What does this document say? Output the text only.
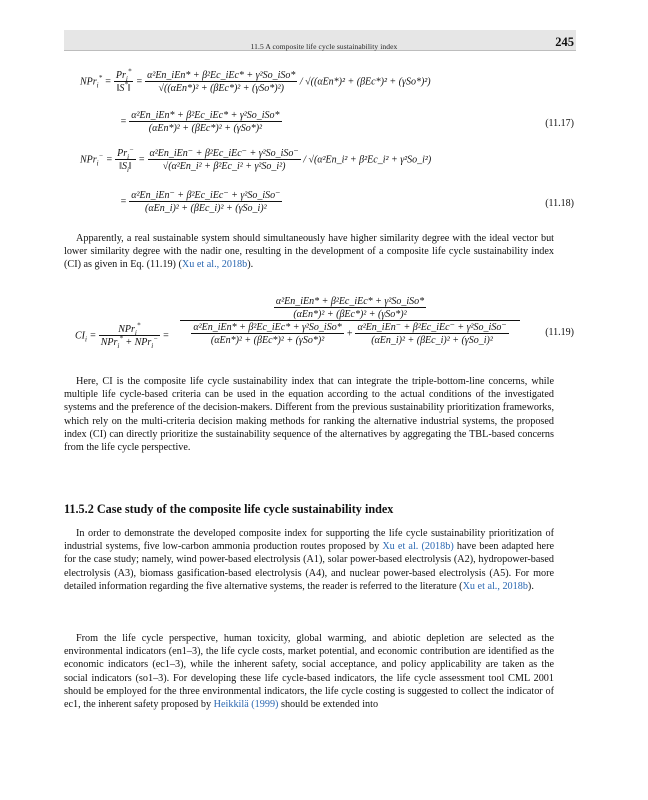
11.5 A composite life cycle sustainability index	245
$NPr_i^* = \frac{Pr_i^*}{‖S^*‖} = \frac{\text{α²En\_iEn* + β²Ec\_iEc* + γ²So\_iSo*}}{\text{√((αEn*)² + (βEc*)² + (γSo*)²)}} / √((\alpha En*)^2 + (\beta Ec*)^2 + (\gamma So*)^2)$
= $\frac{\text{α²En\_iEn* + β²Ec\_iEc* + γ²So\_iSo*}}{\text{(αEn*)² + (βEc*)² + (γSo*)²}}$	(11.17)
$NPr_i^- = \frac{Pr_i^-}{‖S_i‖} = \frac{\text{α²En\_iEn⁻ + β²Ec\_iEc⁻ + γ²So\_iSo⁻}}{\text{√(α²En\_i² + β²Ec\_i² + γ²So\_i²)}}$ / √(α²En_i² + β²Ec_i² + γ²So_i²)
= $\frac{\text{α²En\_iEn⁻ + β²Ec\_iEc⁻ + γ²So\_iSo⁻}}{\text{(αEn\_i)² + (βEc\_i)² + (γSo\_i)²}}$	(11.18)

Apparently, a real sustainable system should simultaneously have higher similarity degree with the ideal vector but lower similarity degree with the nadir one, resulting in the development of a composite life cycle sustainability index (CI) as given in Eq. (11.19) (Xu et al., 2018b).

$CI_i = \frac{NPr_i^*}{NPr_i^* + NPr_i^-}$ =
$\frac{\text{α²En\_iEn* + β²Ec\_iEc* + γ²So\_iSo*}}{\text{(αEn*)² + (βEc*)² + (γSo*)²}}$
$\frac{\text{α²En\_iEn* + β²Ec\_iEc* + γ²So\_iSo*}}{\text{(αEn*)² + (βEc*)² + (γSo*)²}} + \frac{\text{α²En\_iEn⁻ + β²Ec\_iEc⁻ + γ²So\_iSo⁻}}{\text{(αEn\_i)² + (βEc\_i)² + (γSo\_i)²}}$	(11.19)

Here, CI is the composite life cycle sustainability index that can integrate the triple-bottom-line concerns, while multiple life cycle-based criteria can be used in the equation according to the actual conditions of the investigated systems and the preference of the decision-makers. Different from the previous sustainability prioritization frameworks, which rely on the multi-criteria decision making methods for ranking the alternative industrial systems, the proposed index (CI) can directly prioritize the sustainability sequence of the alternatives by aggregating the TBL-based concerns from the life cycle perspective.

11.5.2 Case study of the composite life cycle sustainability index

In order to demonstrate the developed composite index for supporting the life cycle sustainability prioritization of industrial systems, five low-carbon ammonia production routes proposed by Xu et al. (2018b) have been adapted here for the case study; namely, wind power-based electrolysis (A1), solar power-based electrolysis (A2), hydropower-based electrolysis (A3), biomass gasification-based electrolysis (A4), and nuclear power-based electrolysis (A5). For more detailed information regarding the five alternative systems, the reader is referred to the literature (Xu et al., 2018b).

From the life cycle perspective, human toxicity, global warming, and abiotic depletion are selected as the environmental indicators (en1–3), the life cycle costs, market potential, and economic contribution are identified as the economic indicators (ec1–3), while the inherent safety, social acceptance, and policy applicability are taken as the social indicators (so1–3). For developing these life cycle-based indicators, the life cycle assessment tool CML 2001 should be employed for the three environmental indicators, the life cycle costing is suggested to collect the indicator of ec1, the inherent safety proposed by Heikkilä (1999) should be extended into
